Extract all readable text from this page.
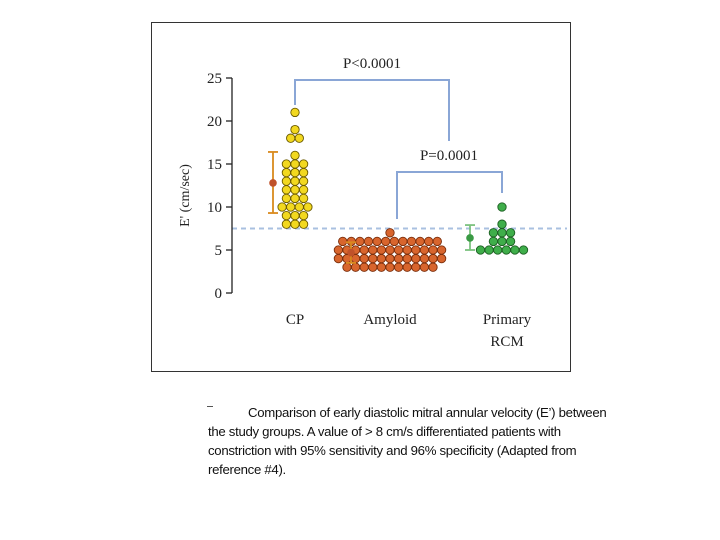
0
5
10
15
20
25
E' (cm/sec)
CP	Amyloid	Primary
RCM
P<0.0001
P=0.0001
Comparison of early diastolic mitral annular velocity (E’) between
the study groups. A value of > 8 cm/s differentiated patients with
constriction with 95% sensitivity and 96% specificity (Adapted from
reference #4).
